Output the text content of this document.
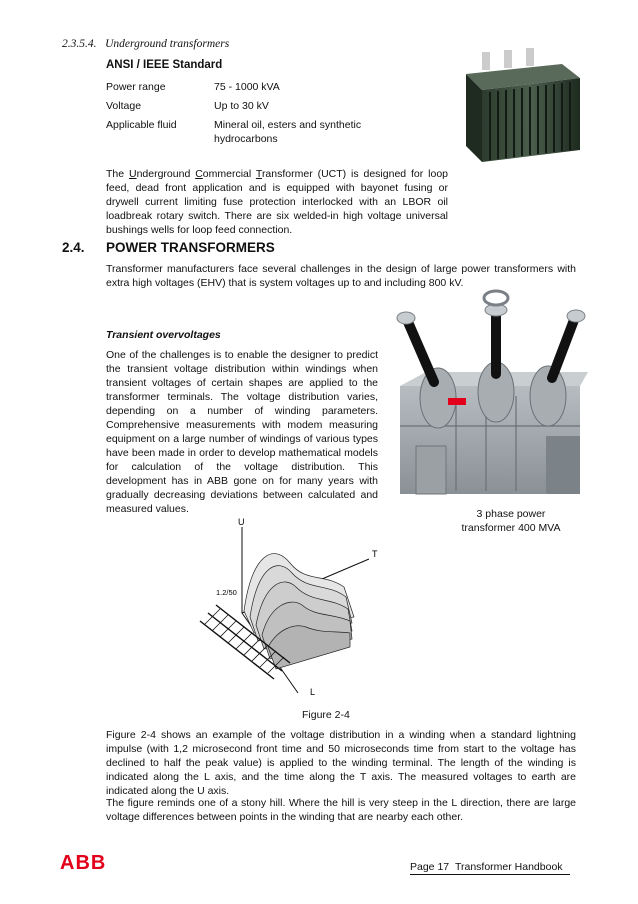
2.3.5.4. Underground transformers
ANSI / IEEE Standard
Power range	75 - 1000 kVA
Voltage	Up to 30 kV
Applicable fluid	Mineral oil, esters and synthetic hydrocarbons
The Underground Commercial Transformer (UCT) is designed for loop feed, dead front application and is equipped with bayonet fusing or drywell current limiting fuse protection interlocked with an LBOR oil loadbreak rotary switch. There are six welded-in high voltage universal bushings wells for loop feed connection.
2.4. POWER TRANSFORMERS
Transformer manufacturers face several challenges in the design of large power transformers with extra high voltages (EHV) that is system voltages up to and including 800 kV.
Transient overvoltages
One of the challenges is to enable the designer to predict the transient voltage distribution within windings when transient voltages of certain shapes are applied to the transformer terminals. The voltage distribution varies, depending on a number of winding parameters. Comprehensive measurements with modem measuring equipment on a large number of windings of various types have been made in order to develop mathematical models for calculation of the voltage distribution. This development has in ABB gone on for many years with gradually decreasing deviations between calculated and measured values.	3 phase power
transformer 400 MVA
U
T
L
1.2/50
Figure 2-4
Figure 2-4 shows an example of the voltage distribution in a winding when a standard lightning impulse (with 1,2 microsecond front time and 50 microseconds time from start to the voltage has declined to half the peak value) is applied to the winding terminal. The length of the winding is indicated along the L axis, and the time along the T axis. The measured voltages to earth are indicated along the U axis.
The figure reminds one of a stony hill. Where the hill is very steep in the L direction, there are large voltage differences between points in the winding that are nearby each other.
ABB	Page 17 Transformer Handbook
